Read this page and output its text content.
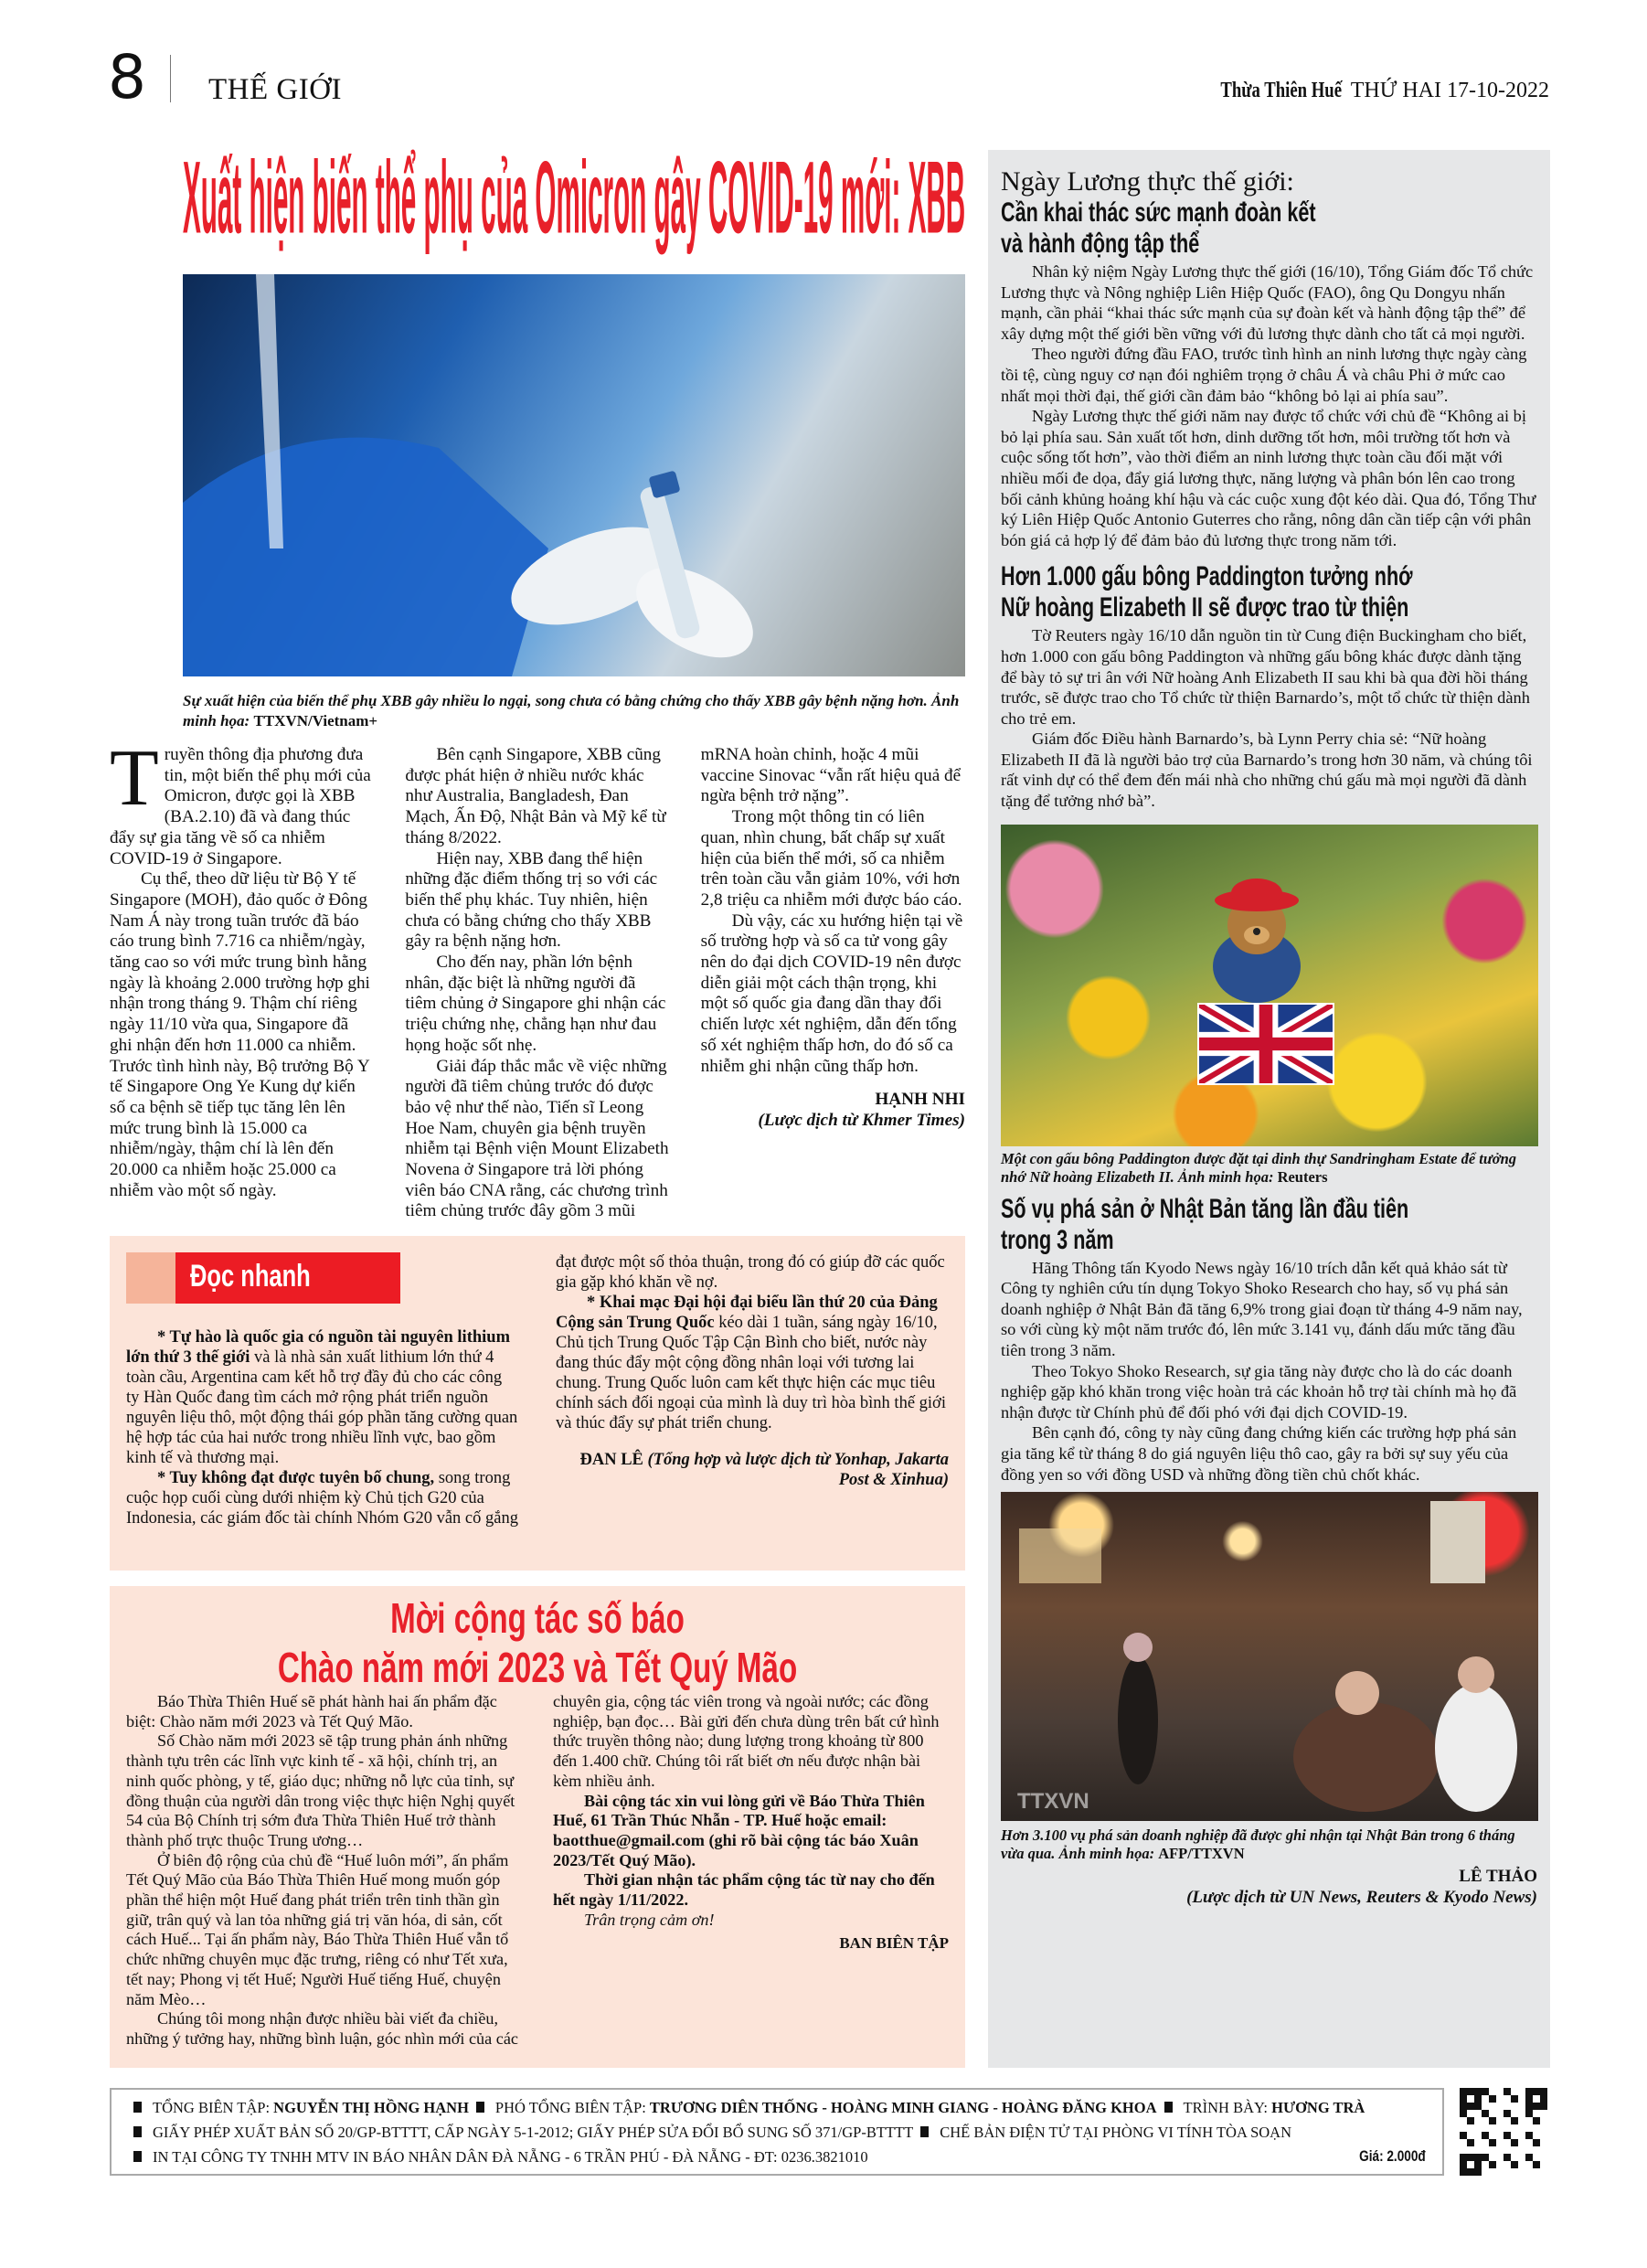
8 THẾ GIỚI	Thừa Thiên Huế THỨ HAI 17-10-2022
Xuất hiện biến thể phụ của Omicron gây COVID-19 mới: XBB
Sự xuất hiện của biến thể phụ XBB gây nhiều lo ngại, song chưa có bằng chứng cho thấy XBB gây bệnh nặng hơn. Ảnh minh họa: TTXVN/Vietnam+

Truyền thông địa phương đưa tin, một biến thể phụ mới của Omicron, được gọi là XBB (BA.2.10) đã và đang thúc đẩy sự gia tăng về số ca nhiễm COVID-19 ở Singapore.

Cụ thể, theo dữ liệu từ Bộ Y tế Singapore (MOH), đảo quốc ở Đông Nam Á này trong tuần trước đã báo cáo trung bình 7.716 ca nhiễm/ngày, tăng cao so với mức trung bình hằng ngày là khoảng 2.000 trường hợp ghi nhận trong tháng 9. Thậm chí riêng ngày 11/10 vừa qua, Singapore đã ghi nhận đến hơn 11.000 ca nhiễm. Trước tình hình này, Bộ trưởng Bộ Y tế Singapore Ong Ye Kung dự kiến số ca bệnh sẽ tiếp tục tăng lên lên mức trung bình là 15.000 ca nhiễm/ngày, thậm chí là lên đến 20.000 ca nhiễm hoặc 25.000 ca nhiễm vào một số ngày.

Bên cạnh Singapore, XBB cũng được phát hiện ở nhiều nước khác như Australia, Bangladesh, Đan Mạch, Ấn Độ, Nhật Bản và Mỹ kể từ tháng 8/2022.

Hiện nay, XBB đang thể hiện những đặc điểm thống trị so với các biến thể phụ khác. Tuy nhiên, hiện chưa có bằng chứng cho thấy XBB gây ra bệnh nặng hơn.

Cho đến nay, phần lớn bệnh nhân, đặc biệt là những người đã tiêm chủng ở Singapore ghi nhận các triệu chứng nhẹ, chẳng hạn như đau họng hoặc sốt nhẹ.

Giải đáp thắc mắc về việc những người đã tiêm chủng trước đó được bảo vệ như thế nào, Tiến sĩ Leong Hoe Nam, chuyên gia bệnh truyền nhiễm tại Bệnh viện Mount Elizabeth Novena ở Singapore trả lời phóng viên báo CNA rằng, các chương trình tiêm chủng trước đây gồm 3 mũi mRNA hoàn chỉnh, hoặc 4 mũi vaccine Sinovac “vẫn rất hiệu quả để ngừa bệnh trở nặng”.

Trong một thông tin có liên quan, nhìn chung, bất chấp sự xuất hiện của biến thể mới, số ca nhiễm trên toàn cầu vẫn giảm 10%, với hơn 2,8 triệu ca nhiễm mới được báo cáo.

Dù vậy, các xu hướng hiện tại về số trường hợp và số ca tử vong gây nên do đại dịch COVID-19 nên được diễn giải một cách thận trọng, khi một số quốc gia đang dần thay đổi chiến lược xét nghiệm, dẫn đến tổng số xét nghiệm thấp hơn, do đó số ca nhiễm ghi nhận cũng thấp hơn.

HẠNH NHI
(Lược dịch từ Khmer Times)
Đọc nhanh

* Tự hào là quốc gia có nguồn tài nguyên lithium lớn thứ 3 thế giới và là nhà sản xuất lithium lớn thứ 4 toàn cầu, Argentina cam kết hỗ trợ đầy đủ cho các công ty Hàn Quốc đang tìm cách mở rộng phát triển nguồn nguyên liệu thô, một động thái góp phần tăng cường quan hệ hợp tác của hai nước trong nhiều lĩnh vực, bao gồm kinh tế và thương mại.

* Tuy không đạt được tuyên bố chung, song trong cuộc họp cuối cùng dưới nhiệm kỳ Chủ tịch G20 của Indonesia, các giám đốc tài chính Nhóm G20 vẫn cố gắng đạt được một số thỏa thuận, trong đó có giúp đỡ các quốc gia gặp khó khăn về nợ.

* Khai mạc Đại hội đại biểu lần thứ 20 của Đảng Cộng sản Trung Quốc kéo dài 1 tuần, sáng ngày 16/10, Chủ tịch Trung Quốc Tập Cận Bình cho biết, nước này đang thúc đẩy một cộng đồng nhân loại với tương lai chung. Trung Quốc luôn cam kết thực hiện các mục tiêu chính sách đối ngoại của mình là duy trì hòa bình thế giới và thúc đẩy sự phát triển chung.

ĐAN LÊ (Tổng hợp và lược dịch từ Yonhap, Jakarta Post & Xinhua)
Mời cộng tác số báo
Chào năm mới 2023 và Tết Quý Mão

Báo Thừa Thiên Huế sẽ phát hành hai ấn phẩm đặc biệt: Chào năm mới 2023 và Tết Quý Mão.

Số Chào năm mới 2023 sẽ tập trung phản ánh những thành tựu trên các lĩnh vực kinh tế - xã hội, chính trị, an ninh quốc phòng, y tế, giáo dục; những nỗ lực của tỉnh, sự đồng thuận của người dân trong việc thực hiện Nghị quyết 54 của Bộ Chính trị sớm đưa Thừa Thiên Huế trở thành thành phố trực thuộc Trung ương…

Ở biên độ rộng của chủ đề “Huế luôn mới”, ấn phẩm Tết Quý Mão của Báo Thừa Thiên Huế mong muốn góp phần thể hiện một Huế đang phát triển trên tinh thần gìn giữ, trân quý và lan tỏa những giá trị văn hóa, di sản, cốt cách Huế... Tại ấn phẩm này, Báo Thừa Thiên Huế vẫn tổ chức những chuyên mục đặc trưng, riêng có như Tết xưa, tết nay; Phong vị tết Huế; Người Huế tiếng Huế, chuyện năm Mèo…

Chúng tôi mong nhận được nhiều bài viết đa chiều, những ý tưởng hay, những bình luận, góc nhìn mới của các chuyên gia, cộng tác viên trong và ngoài nước; các đồng nghiệp, bạn đọc… Bài gửi đến chưa dùng trên bất cứ hình thức truyền thông nào; dung lượng trong khoảng từ 800 đến 1.400 chữ. Chúng tôi rất biết ơn nếu được nhận bài kèm nhiều ảnh.

Bài cộng tác xin vui lòng gửi về Báo Thừa Thiên Huế, 61 Trần Thúc Nhẫn - TP. Huế hoặc email: baotthue@gmail.com (ghi rõ bài cộng tác báo Xuân 2023/Tết Quý Mão).

Thời gian nhận tác phẩm cộng tác từ nay cho đến hết ngày 1/11/2022.

Trân trọng cảm ơn!

BAN BIÊN TẬP
Ngày Lương thực thế giới:
Cần khai thác sức mạnh đoàn kết
và hành động tập thể

Nhân kỷ niệm Ngày Lương thực thế giới (16/10), Tổng Giám đốc Tổ chức Lương thực và Nông nghiệp Liên Hiệp Quốc (FAO), ông Qu Dongyu nhấn mạnh, cần phải “khai thác sức mạnh của sự đoàn kết và hành động tập thể” để xây dựng một thế giới bền vững với đủ lương thực dành cho tất cả mọi người.

Theo người đứng đầu FAO, trước tình hình an ninh lương thực ngày càng tồi tệ, cùng nguy cơ nạn đói nghiêm trọng ở châu Á và châu Phi ở mức cao nhất mọi thời đại, thế giới cần đảm bảo “không bỏ lại ai phía sau”.

Ngày Lương thực thế giới năm nay được tổ chức với chủ đề “Không ai bị bỏ lại phía sau. Sản xuất tốt hơn, dinh dưỡng tốt hơn, môi trường tốt hơn và cuộc sống tốt hơn”, vào thời điểm an ninh lương thực toàn cầu đối mặt với nhiều mối đe dọa, đẩy giá lương thực, năng lượng và phân bón lên cao trong bối cảnh khủng hoảng khí hậu và các cuộc xung đột kéo dài. Qua đó, Tổng Thư ký Liên Hiệp Quốc Antonio Guterres cho rằng, nông dân cần tiếp cận với phân bón giá cả hợp lý để đảm bảo đủ lương thực trong năm tới.

Hơn 1.000 gấu bông Paddington tưởng nhớ
Nữ hoàng Elizabeth II sẽ được trao từ thiện

Tờ Reuters ngày 16/10 dẫn nguồn tin từ Cung điện Buckingham cho biết, hơn 1.000 con gấu bông Paddington và những gấu bông khác được dành tặng để bày tỏ sự tri ân với Nữ hoàng Anh Elizabeth II sau khi bà qua đời hồi tháng trước, sẽ được trao cho Tổ chức từ thiện Barnardo’s, một tổ chức từ thiện dành cho trẻ em.

Giám đốc Điều hành Barnardo’s, bà Lynn Perry chia sẻ: “Nữ hoàng Elizabeth II đã là người bảo trợ của Barnardo’s trong hơn 30 năm, và chúng tôi rất vinh dự có thể đem đến mái nhà cho những chú gấu mà mọi người đã dành tặng để tưởng nhớ bà”.

Một con gấu bông Paddington được đặt tại dinh thự Sandringham Estate để tưởng nhớ Nữ hoàng Elizabeth II. Ảnh minh họa: Reuters
Số vụ phá sản ở Nhật Bản tăng lần đầu tiên
trong 3 năm

Hãng Thông tấn Kyodo News ngày 16/10 trích dẫn kết quả khảo sát từ Công ty nghiên cứu tín dụng Tokyo Shoko Research cho hay, số vụ phá sản doanh nghiệp ở Nhật Bản đã tăng 6,9% trong giai đoạn từ tháng 4-9 năm nay, so với cùng kỳ một năm trước đó, lên mức 3.141 vụ, đánh dấu mức tăng đầu tiên trong 3 năm.

Theo Tokyo Shoko Research, sự gia tăng này được cho là do các doanh nghiệp gặp khó khăn trong việc hoàn trả các khoản hỗ trợ tài chính mà họ đã nhận được từ Chính phủ để đối phó với đại dịch COVID-19.

Bên cạnh đó, công ty này cũng đang chứng kiến các trường hợp phá sản gia tăng kể từ tháng 8 do giá nguyên liệu thô cao, gây ra bởi sự suy yếu của đồng yen so với đồng USD và những đồng tiền chủ chốt khác.

TTXVN
Hơn 3.100 vụ phá sản doanh nghiệp đã được ghi nhận tại Nhật Bản trong 6 tháng vừa qua. Ảnh minh họa: AFP/TTXVN
LÊ THẢO
(Lược dịch từ UN News, Reuters & Kyodo News)
TỔNG BIÊN TẬP: NGUYỄN THỊ HỒNG HẠNH PHÓ TỔNG BIÊN TẬP: TRƯƠNG DIÊN THỐNG - HOÀNG MINH GIANG - HOÀNG ĐĂNG KHOA TRÌNH BÀY: HƯƠNG TRÀ
GIẤY PHÉP XUẤT BẢN SỐ 20/GP-BTTTT, CẤP NGÀY 5-1-2012; GIẤY PHÉP SỬA ĐỔI BỔ SUNG SỐ 371/GP-BTTTT CHẾ BẢN ĐIỆN TỬ TẠI PHÒNG VI TÍNH TÒA SOẠN
IN TẠI CÔNG TY TNHH MTV IN BÁO NHÂN DÂN ĐÀ NẴNG - 6 TRẦN PHÚ - ĐÀ NẴNG - ĐT: 0236.3821010	Giá: 2.000đ
